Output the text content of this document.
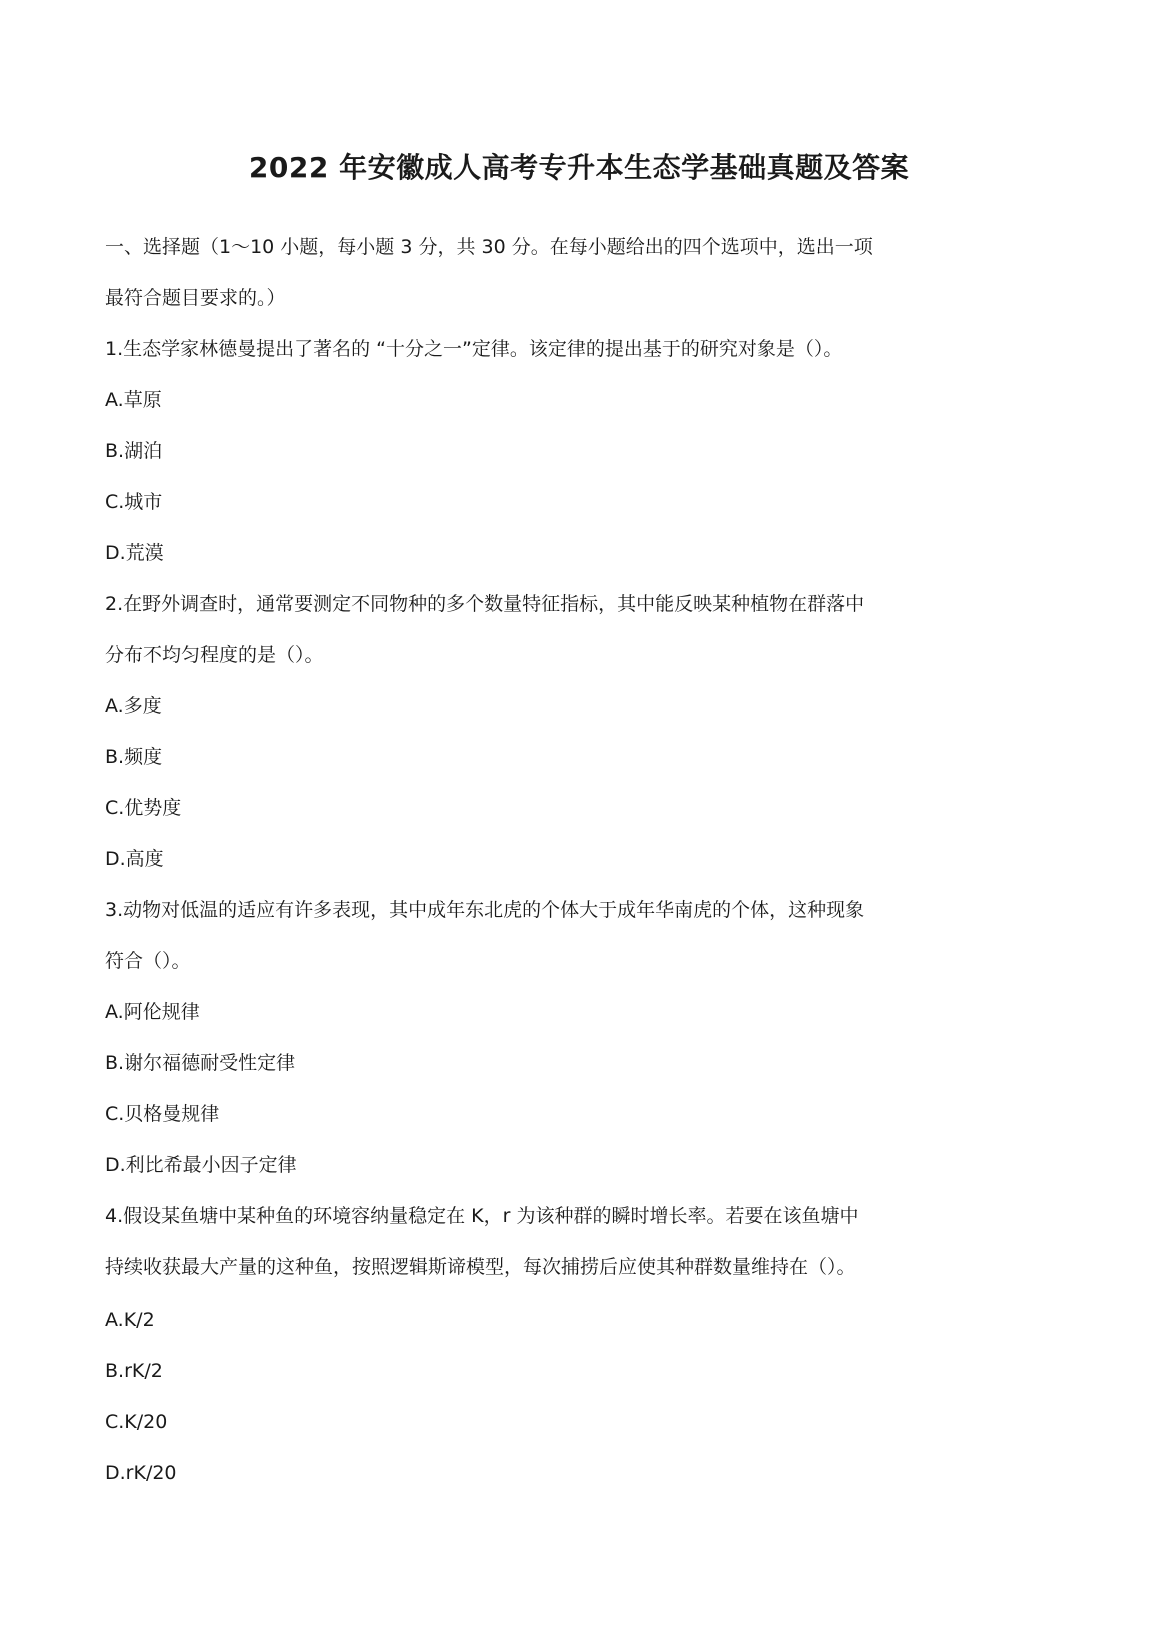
2022 年安徽成人高考专升本生态学基础真题及答案

一、选择题（1〜10 小题，每小题 3 分，共 30 分。在每小题给出的四个选项中，选出一项

最符合题目要求的。）

1.生态学家林德曼提出了著名的 “十分之一”定律。该定律的提出基于的研究对象是（）。

A.草原

B.湖泊

C.城市

D.荒漠

2.在野外调查时，通常要测定不同物种的多个数量特征指标，其中能反映某种植物在群落中

分布不均匀程度的是（）。

A.多度

B.频度

C.优势度

D.高度

3.动物对低温的适应有许多表现，其中成年东北虎的个体大于成年华南虎的个体，这种现象

符合（）。

A.阿伦规律

B.谢尔福德耐受性定律

C.贝格曼规律

D.利比希最小因子定律

4.假设某鱼塘中某种鱼的环境容纳量稳定在 K，r 为该种群的瞬时增长率。若要在该鱼塘中

持续收获最大产量的这种鱼，按照逻辑斯谛模型，每次捕捞后应使其种群数量维持在（）。

A.K/2

B.rK/2

C.K/20

D.rK/20
